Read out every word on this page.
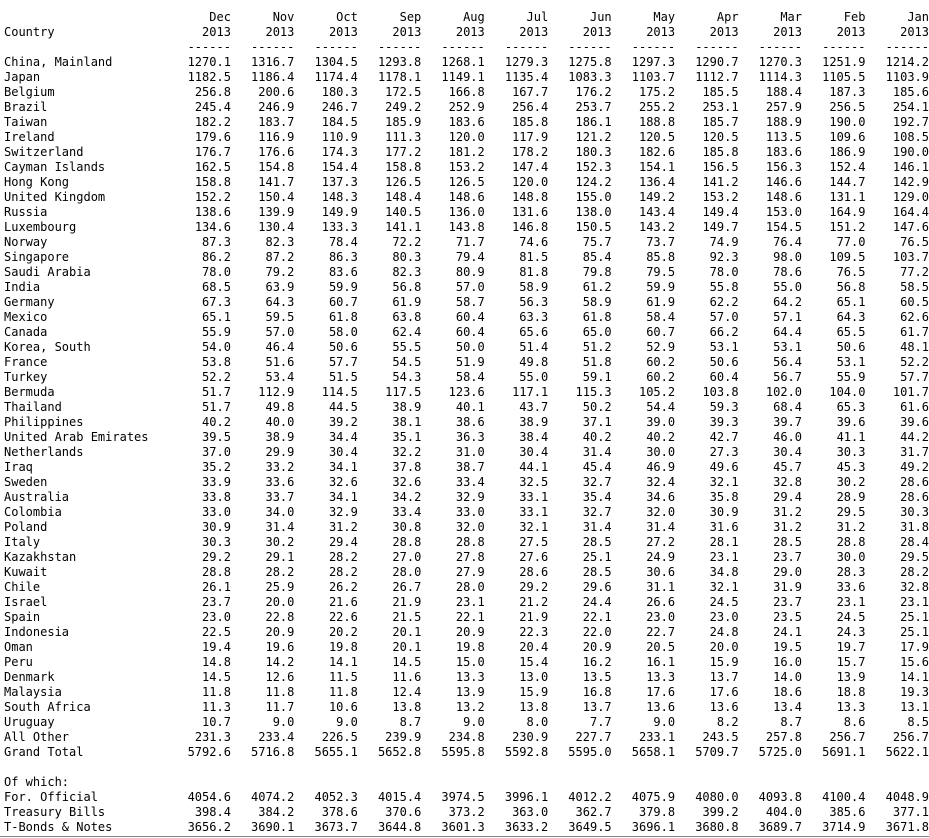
	Dec	Nov	Oct	Sep	Aug	Jul	Jun	May	Apr	Mar	Feb	Jan
Country	2013	2013	2013	2013	2013	2013	2013	2013	2013	2013	2013	2013
	------	------	------	------	------	------	------	------	------	------	------	------
China, Mainland	1270.1	1316.7	1304.5	1293.8	1268.1	1279.3	1275.8	1297.3	1290.7	1270.3	1251.9	1214.2
Japan	1182.5	1186.4	1174.4	1178.1	1149.1	1135.4	1083.3	1103.7	1112.7	1114.3	1105.5	1103.9
Belgium	256.8	200.6	180.3	172.5	166.8	167.7	176.2	175.2	185.5	188.4	187.3	185.6
Brazil	245.4	246.9	246.7	249.2	252.9	256.4	253.7	255.2	253.1	257.9	256.5	254.1
Taiwan	182.2	183.7	184.5	185.9	183.6	185.8	186.1	188.8	185.7	188.9	190.0	192.7
Ireland	179.6	116.9	110.9	111.3	120.0	117.9	121.2	120.5	120.5	113.5	109.6	108.5
Switzerland	176.7	176.6	174.3	177.2	181.2	178.2	180.3	182.6	185.8	183.6	186.9	190.0
Cayman Islands	162.5	154.8	154.4	158.8	153.2	147.4	152.3	154.1	156.5	156.3	152.4	146.1
Hong Kong	158.8	141.7	137.3	126.5	126.5	120.0	124.2	136.4	141.2	146.6	144.7	142.9
United Kingdom	152.2	150.4	148.3	148.4	148.6	148.8	155.0	149.2	153.2	148.6	131.1	129.0
Russia	138.6	139.9	149.9	140.5	136.0	131.6	138.0	143.4	149.4	153.0	164.9	164.4
Luxembourg	134.6	130.4	133.3	141.1	143.8	146.8	150.5	143.2	149.7	154.5	151.2	147.6
Norway	87.3	82.3	78.4	72.2	71.7	74.6	75.7	73.7	74.9	76.4	77.0	76.5
Singapore	86.2	87.2	86.3	80.3	79.4	81.5	85.4	85.8	92.3	98.0	109.5	103.7
Saudi Arabia	78.0	79.2	83.6	82.3	80.9	81.8	79.8	79.5	78.0	78.6	76.5	77.2
India	68.5	63.9	59.9	56.8	57.0	58.9	61.2	59.9	55.8	55.0	56.8	58.5
Germany	67.3	64.3	60.7	61.9	58.7	56.3	58.9	61.9	62.2	64.2	65.1	60.5
Mexico	65.1	59.5	61.8	63.8	60.4	63.3	61.8	58.4	57.0	57.1	64.3	62.6
Canada	55.9	57.0	58.0	62.4	60.4	65.6	65.0	60.7	66.2	64.4	65.5	61.7
Korea, South	54.0	46.4	50.6	55.5	50.0	51.4	51.2	52.9	53.1	53.1	50.6	48.1
France	53.8	51.6	57.7	54.5	51.9	49.8	51.8	60.2	50.6	56.4	53.1	52.2
Turkey	52.2	53.4	51.5	54.3	58.4	55.0	59.1	60.2	60.4	56.7	55.9	57.7
Bermuda	51.7	112.9	114.5	117.5	123.6	117.1	115.3	105.2	103.8	102.0	104.0	101.7
Thailand	51.7	49.8	44.5	38.9	40.1	43.7	50.2	54.4	59.3	68.4	65.3	61.6
Philippines	40.2	40.0	39.2	38.1	38.6	38.9	37.1	39.0	39.3	39.7	39.6	39.6
United Arab Emirates	39.5	38.9	34.4	35.1	36.3	38.4	40.2	40.2	42.7	46.0	41.1	44.2
Netherlands	37.0	29.9	30.4	32.2	31.0	30.4	31.4	30.0	27.3	30.4	30.3	31.7
Iraq	35.2	33.2	34.1	37.8	38.7	44.1	45.4	46.9	49.6	45.7	45.3	49.2
Sweden	33.9	33.6	32.6	32.6	33.4	32.5	32.7	32.4	32.1	32.8	30.2	28.6
Australia	33.8	33.7	34.1	34.2	32.9	33.1	35.4	34.6	35.8	29.4	28.9	28.6
Colombia	33.0	34.0	32.9	33.4	33.0	33.1	32.7	32.0	30.9	31.2	29.5	30.3
Poland	30.9	31.4	31.2	30.8	32.0	32.1	31.4	31.4	31.6	31.2	31.2	31.8
Italy	30.3	30.2	29.4	28.8	28.8	27.5	28.5	27.2	28.1	28.5	28.8	28.4
Kazakhstan	29.2	29.1	28.2	27.0	27.8	27.6	25.1	24.9	23.1	23.7	30.0	29.5
Kuwait	28.8	28.2	28.2	28.0	27.9	28.6	28.5	30.6	34.8	29.0	28.3	28.2
Chile	26.1	25.9	26.2	26.7	28.0	29.2	29.6	31.1	32.1	31.9	33.6	32.8
Israel	23.7	20.0	21.6	21.9	23.1	21.2	24.4	26.6	24.5	23.7	23.1	23.1
Spain	23.0	22.8	22.6	21.5	22.1	21.9	22.1	23.0	23.0	23.5	24.5	25.1
Indonesia	22.5	20.9	20.2	20.1	20.9	22.3	22.0	22.7	24.8	24.1	24.3	25.1
Oman	19.4	19.6	19.8	20.1	19.8	20.4	20.9	20.5	20.0	19.5	19.7	17.9
Peru	14.8	14.2	14.1	14.5	15.0	15.4	16.2	16.1	15.9	16.0	15.7	15.6
Denmark	14.5	12.6	11.5	11.6	13.3	13.0	13.5	13.3	13.7	14.0	13.9	14.1
Malaysia	11.8	11.8	11.8	12.4	13.9	15.9	16.8	17.6	17.6	18.6	18.8	19.3
South Africa	11.3	11.7	10.6	13.8	13.2	13.8	13.7	13.6	13.6	13.4	13.3	13.1
Uruguay	10.7	9.0	9.0	8.7	9.0	8.0	7.7	9.0	8.2	8.7	8.6	8.5
All Other	231.3	233.4	226.5	239.9	234.8	230.9	227.7	233.1	243.5	257.8	256.7	256.7
Grand Total	5792.6	5716.8	5655.1	5652.8	5595.8	5592.8	5595.0	5658.1	5709.7	5725.0	5691.1	5622.1

Of which:												
For. Official	4054.6	4074.2	4052.3	4015.4	3974.5	3996.1	4012.2	4075.9	4080.0	4093.8	4100.4	4048.9
Treasury Bills	398.4	384.2	378.6	370.6	373.2	363.0	362.7	379.8	399.2	404.0	385.6	377.1
T-Bonds & Notes	3656.2	3690.1	3673.7	3644.8	3601.3	3633.2	3649.5	3696.1	3680.8	3689.7	3714.9	3671.8
